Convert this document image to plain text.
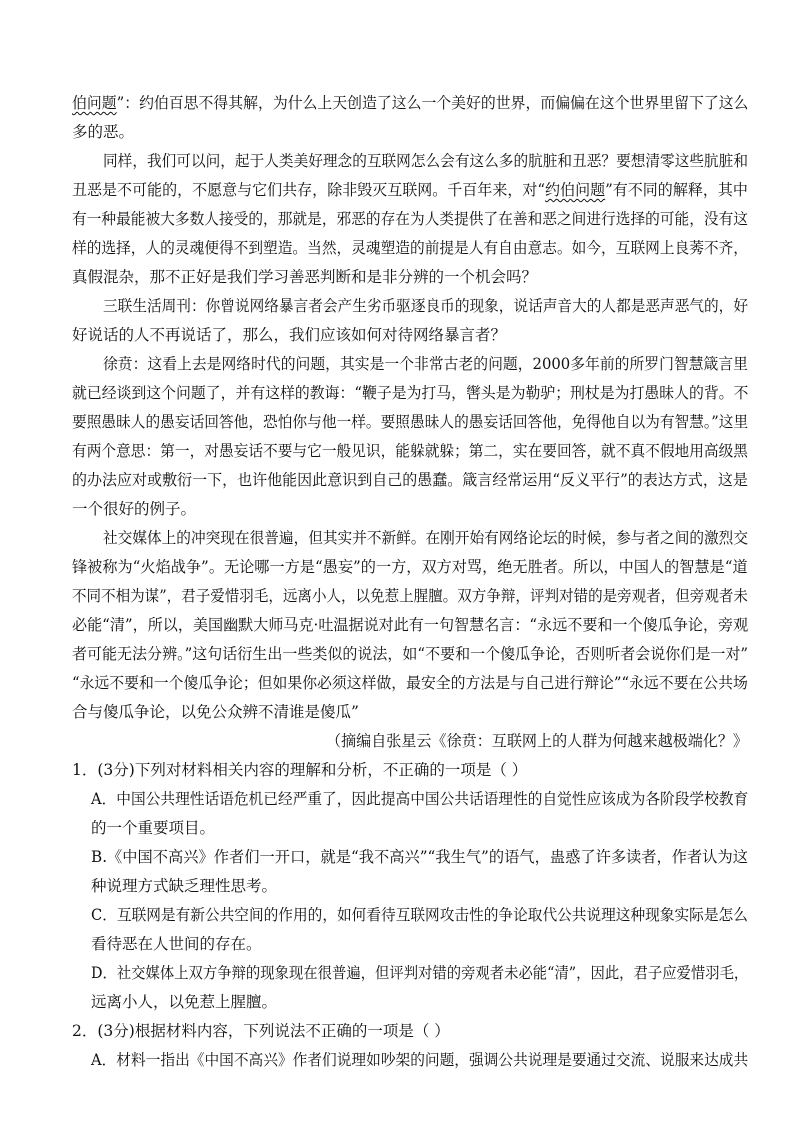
伯问题”：约伯百思不得其解，为什么上天创造了这么一个美好的世界，而偏偏在这个世界里留下了这么
多的恶。
同样，我们可以问，起于人类美好理念的互联网怎么会有这么多的肮脏和丑恶？要想清零这些肮脏和
丑恶是不可能的，不愿意与它们共存，除非毁灭互联网。千百年来，对“约伯问题”有不同的解释，其中
有一种最能被大多数人接受的，那就是，邪恶的存在为人类提供了在善和恶之间进行选择的可能，没有这
样的选择，人的灵魂便得不到塑造。当然，灵魂塑造的前提是人有自由意志。如今，互联网上良莠不齐，
真假混杂，那不正好是我们学习善恶判断和是非分辨的一个机会吗？
三联生活周刊：你曾说网络暴言者会产生劣币驱逐良币的现象，说话声音大的人都是恶声恶气的，好
好说话的人不再说话了，那么，我们应该如何对待网络暴言者？
徐贲：这看上去是网络时代的问题，其实是一个非常古老的问题，2000多年前的所罗门智慧箴言里
就已经谈到这个问题了，并有这样的教诲：“鞭子是为打马，辔头是为勒驴；刑杖是为打愚昧人的背。不
要照愚昧人的愚妄话回答他，恐怕你与他一样。要照愚昧人的愚妄话回答他，免得他自以为有智慧。”这里
有两个意思：第一，对愚妄话不要与它一般见识，能躲就躲；第二，实在要回答，就不真不假地用高级黑
的办法应对或敷衍一下，也许他能因此意识到自己的愚蠢。箴言经常运用“反义平行”的表达方式，这是
一个很好的例子。
社交媒体上的冲突现在很普遍，但其实并不新鲜。在刚开始有网络论坛的时候，参与者之间的激烈交
锋被称为“火焰战争”。无论哪一方是“愚妄”的一方，双方对骂，绝无胜者。所以，中国人的智慧是“道
不同不相为谋”，君子爱惜羽毛，远离小人，以免惹上腥膻。双方争辩，评判对错的是旁观者，但旁观者未
必能“清”，所以，美国幽默大师马克·吐温据说对此有一句智慧名言：“永远不要和一个傻瓜争论，旁观
者可能无法分辨。”这句话衍生出一些类似的说法，如“不要和一个傻瓜争论，否则听者会说你们是一对”
“永远不要和一个傻瓜争论；但如果你必须这样做，最安全的方法是与自己进行辩论”“永远不要在公共场
合与傻瓜争论，以免公众辨不清谁是傻瓜”
（摘编自张星云《徐贲：互联网上的人群为何越来越极端化？》
1．(3分)下列对材料相关内容的理解和分析，不正确的一项是（ ）
A．中国公共理性话语危机已经严重了，因此提高中国公共话语理性的自觉性应该成为各阶段学校教育
的一个重要项目。
B.《中国不高兴》作者们一开口，就是“我不高兴”“我生气”的语气，蛊惑了许多读者，作者认为这
种说理方式缺乏理性思考。
C．互联网是有新公共空间的作用的，如何看待互联网攻击性的争论取代公共说理这种现象实际是怎么
看待恶在人世间的存在。
D．社交媒体上双方争辩的现象现在很普遍，但评判对错的旁观者未必能“清”，因此，君子应爱惜羽毛，
远离小人，以免惹上腥膻。
2．(3分)根据材料内容，下列说法不正确的一项是（ ）
A．材料一指出《中国不高兴》作者们说理如吵架的问题，强调公共说理是要通过交流、说服来达成共
